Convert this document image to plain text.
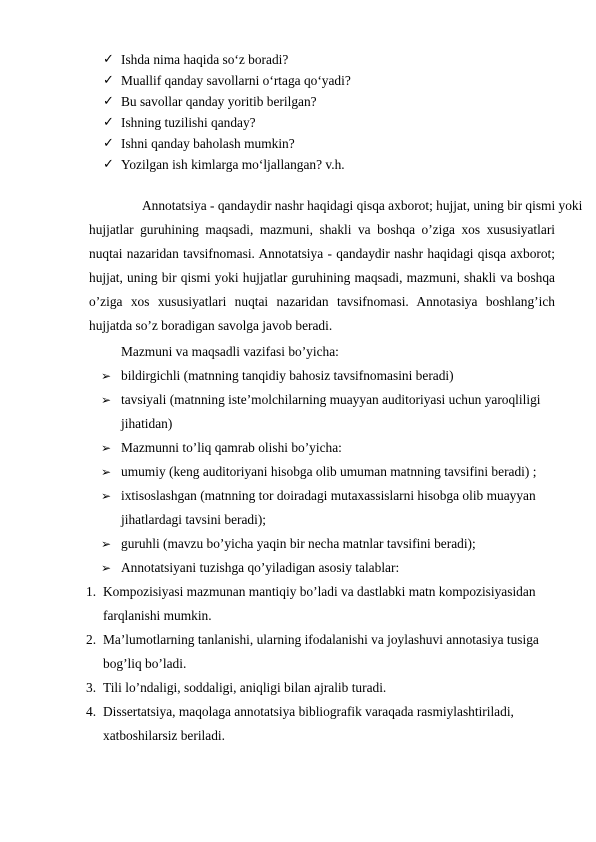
✓ Ishda nima haqida so‘z boradi?
✓ Muallif qanday savollarni o‘rtaga qo‘yadi?
✓ Bu savollar qanday yoritib berilgan?
✓ Ishning tuzilishi qanday?
✓ Ishni qanday baholash mumkin?
✓ Yozilgan ish kimlarga mo‘ljallangan? v.h.
Annotatsiya - qandaydir nashr haqidagi qisqa axborot; hujjat, uning bir qismi yoki
hujjatlar guruhining maqsadi, mazmuni, shakli va boshqa o’ziga xos xususiyatlari
nuqtai nazaridan tavsifnomasi. Annotatsiya - qandaydir nashr haqidagi qisqa axborot;
hujjat, uning bir qismi yoki hujjatlar guruhining maqsadi, mazmuni, shakli va boshqa
o’ziga xos xususiyatlari nuqtai nazaridan tavsifnomasi. Annotasiya boshlang’ich
hujjatda so’z boradigan savolga javob beradi.
Mazmuni va maqsadli vazifasi bo’yicha:
➢ bildirgichli (matnning tanqidiy bahosiz tavsifnomasini beradi)
➢ tavsiyali (matnning iste’molchilarning muayyan auditoriyasi uchun yaroqliligi
jihatidan)
➢ Mazmunni to’liq qamrab olishi bo’yicha:
➢ umumiy (keng auditoriyani hisobga olib umuman matnning tavsifini beradi) ;
➢ ixtisoslashgan (matnning tor doiradagi mutaxassislarni hisobga olib muayyan
jihatlardagi tavsini beradi);
➢ guruhli (mavzu bo’yicha yaqin bir necha matnlar tavsifini beradi);
➢ Annotatsiyani tuzishga qo’yiladigan asosiy talablar:
1. Kompozisiyasi mazmunan mantiqiy bo’ladi va dastlabki matn kompozisiyasidan
farqlanishi mumkin.
2. Ma’lumotlarning tanlanishi, ularning ifodalanishi va joylashuvi annotasiya tusiga
bog’liq bo’ladi.
3. Tili lo’ndaligi, soddaligi, aniqligi bilan ajralib turadi.
4. Dissertatsiya, maqolaga annotatsiya bibliografik varaqada rasmiylashtiriladi,
xatboshilarsiz beriladi.
